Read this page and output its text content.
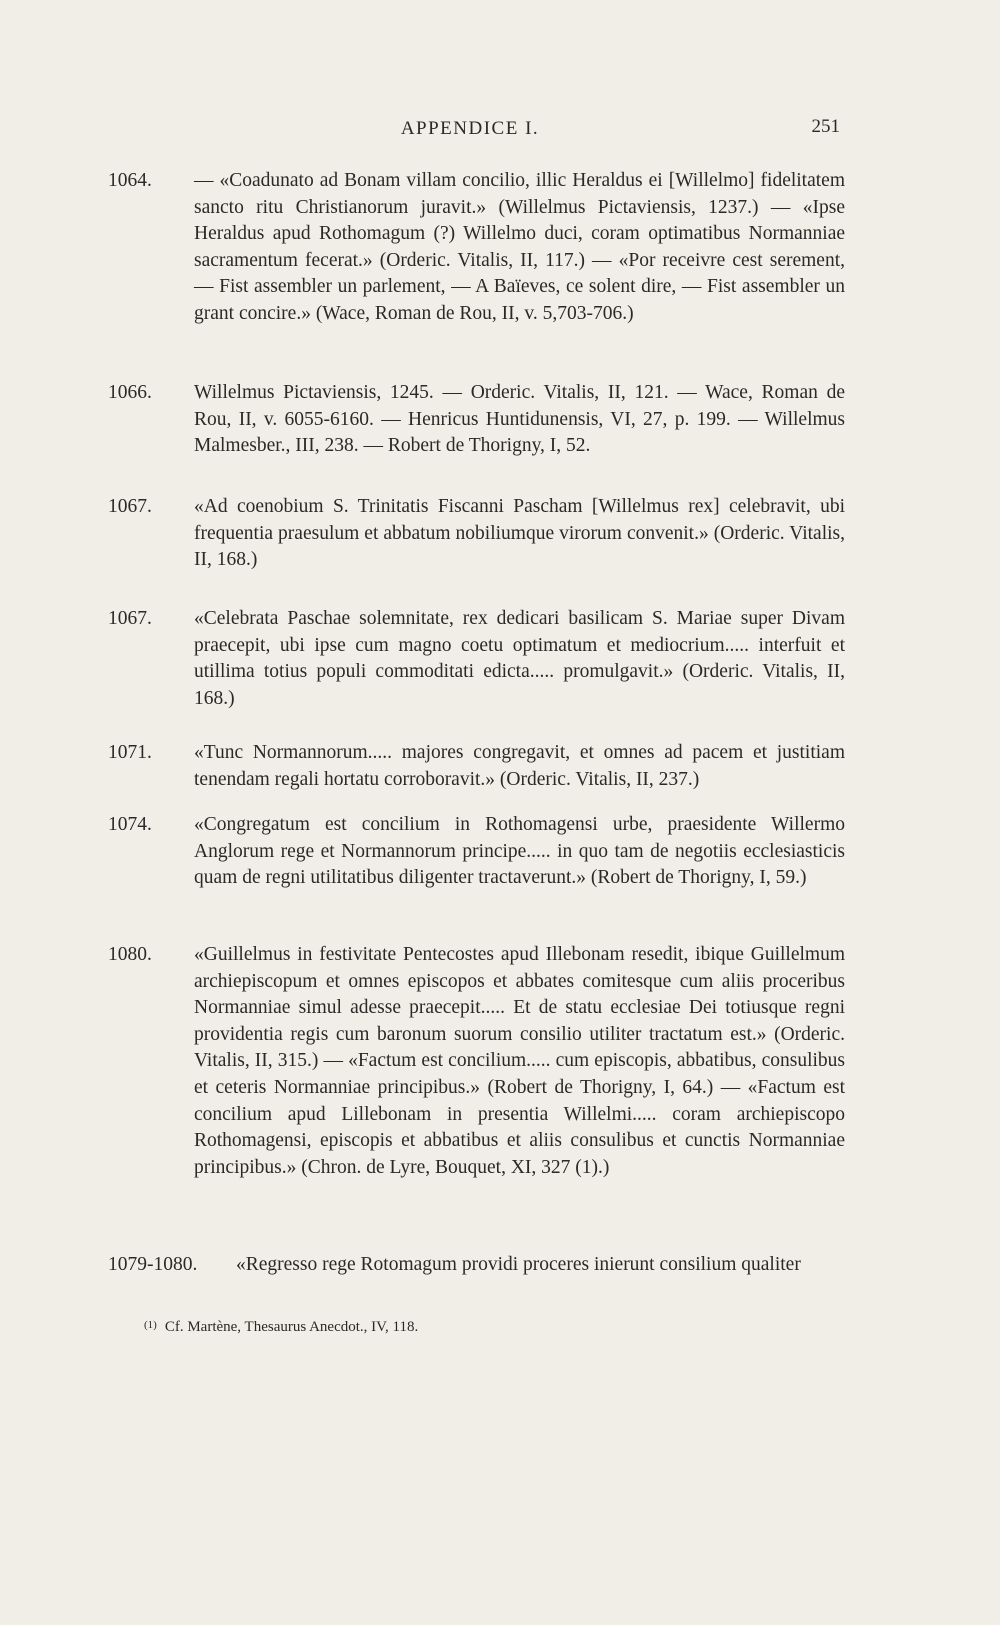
APPENDICE I.	251
1064.	— «Coadunato ad Bonam villam concilio, illic Heraldus ei [Willelmo] fidelitatem sancto ritu Christianorum juravit.» (Willelmus Pictaviensis, 1237.) — «Ipse Heraldus apud Rothomagum (?) Willelmo duci, coram optimatibus Normanniae sacramentum fecerat.» (Orderic. Vitalis, II, 117.) — «Por receivre cest serement, — Fist assembler un parlement, — A Baïeves, ce solent dire, — Fist assembler un grant concire.» (Wace, Roman de Rou, II, v. 5,703-706.)
1066.	Willelmus Pictaviensis, 1245. — Orderic. Vitalis, II, 121. — Wace, Roman de Rou, II, v. 6055-6160. — Henricus Huntidunensis, VI, 27, p. 199. — Willelmus Malmesber., III, 238. — Robert de Thorigny, I, 52.
1067.	«Ad coenobium S. Trinitatis Fiscanni Pascham [Willelmus rex] celebravit, ubi frequentia praesulum et abbatum nobiliumque virorum convenit.» (Orderic. Vitalis, II, 168.)
1067.	«Celebrata Paschae solemnitate, rex dedicari basilicam S. Mariae super Divam praecepit, ubi ipse cum magno coetu optimatum et mediocrium..... interfuit et utillima totius populi commoditati edicta..... promulgavit.» (Orderic. Vitalis, II, 168.)
1071.	«Tunc Normannorum..... majores congregavit, et omnes ad pacem et justitiam tenendam regali hortatu corroboravit.» (Orderic. Vitalis, II, 237.)
1074.	«Congregatum est concilium in Rothomagensi urbe, praesidente Willermo Anglorum rege et Normannorum principe..... in quo tam de negotiis ecclesiasticis quam de regni utilitatibus diligenter tractaverunt.» (Robert de Thorigny, I, 59.)
1080.	«Guillelmus in festivitate Pentecostes apud Illebonam resedit, ibique Guillelmum archiepiscopum et omnes episcopos et abbates comitesque cum aliis proceribus Normanniae simul adesse praecepit..... Et de statu ecclesiae Dei totiusque regni providentia regis cum baronum suorum consilio utiliter tractatum est.» (Orderic. Vitalis, II, 315.) — «Factum est concilium..... cum episcopis, abbatibus, consulibus et ceteris Normanniae principibus.» (Robert de Thorigny, I, 64.) — «Factum est concilium apud Lillebonam in presentia Willelmi..... coram archiepiscopo Rothomagensi, episcopis et abbatibus et aliis consulibus et cunctis Normanniae principibus.» (Chron. de Lyre, Bouquet, XI, 327 (1).)
1079-1080.	«Regresso rege Rotomagum providi proceres inierunt consilium qualiter
$^{(1)}$ Cf. Martène, Thesaurus Anecdot., IV, 118.
